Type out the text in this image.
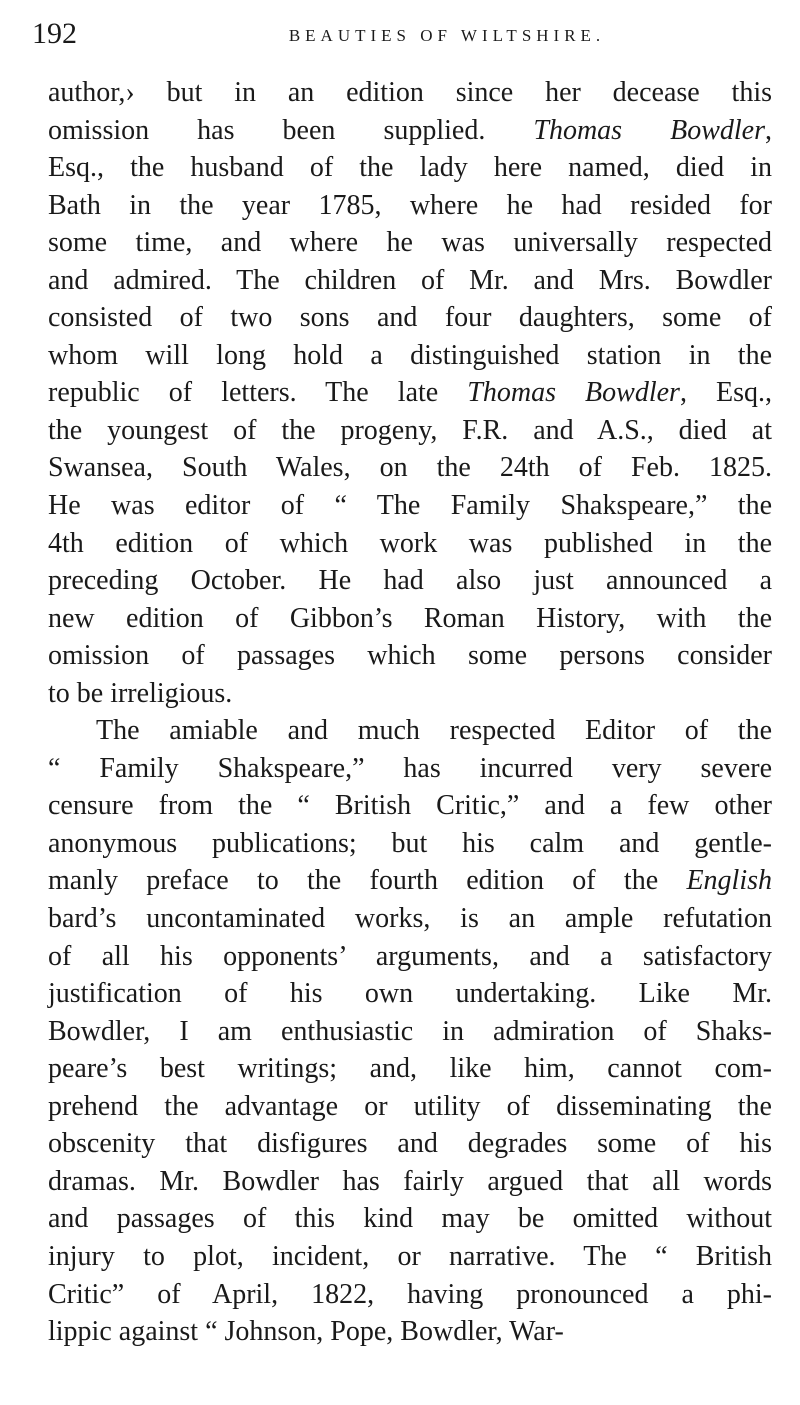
192	BEAUTIES OF WILTSHIRE.
author,› but in an edition since her decease this
omission has been supplied. Thomas Bowdler,
Esq., the husband of the lady here named, died in
Bath in the year 1785, where he had resided for
some time, and where he was universally respected
and admired. The children of Mr. and Mrs. Bowdler
consisted of two sons and four daughters, some of
whom will long hold a distinguished station in the
republic of letters. The late Thomas Bowdler, Esq.,
the youngest of the progeny, F.R. and A.S., died at
Swansea, South Wales, on the 24th of Feb. 1825.
He was editor of “ The Family Shakspeare,” the
4th edition of which work was published in the
preceding October. He had also just announced a
new edition of Gibbon’s Roman History, with the
omission of passages which some persons consider
to be irreligious.
The amiable and much respected Editor of the
“ Family Shakspeare,” has incurred very severe
censure from the “ British Critic,” and a few other
anonymous publications; but his calm and gentle-
manly preface to the fourth edition of the English
bard’s uncontaminated works, is an ample refutation
of all his opponents’ arguments, and a satisfactory
justification of his own undertaking. Like Mr.
Bowdler, I am enthusiastic in admiration of Shaks-
peare’s best writings; and, like him, cannot com-
prehend the advantage or utility of disseminating the
obscenity that disfigures and degrades some of his
dramas. Mr. Bowdler has fairly argued that all words
and passages of this kind may be omitted without
injury to plot, incident, or narrative. The “ British
Critic” of April, 1822, having pronounced a phi-
lippic against “ Johnson, Pope, Bowdler, War-
